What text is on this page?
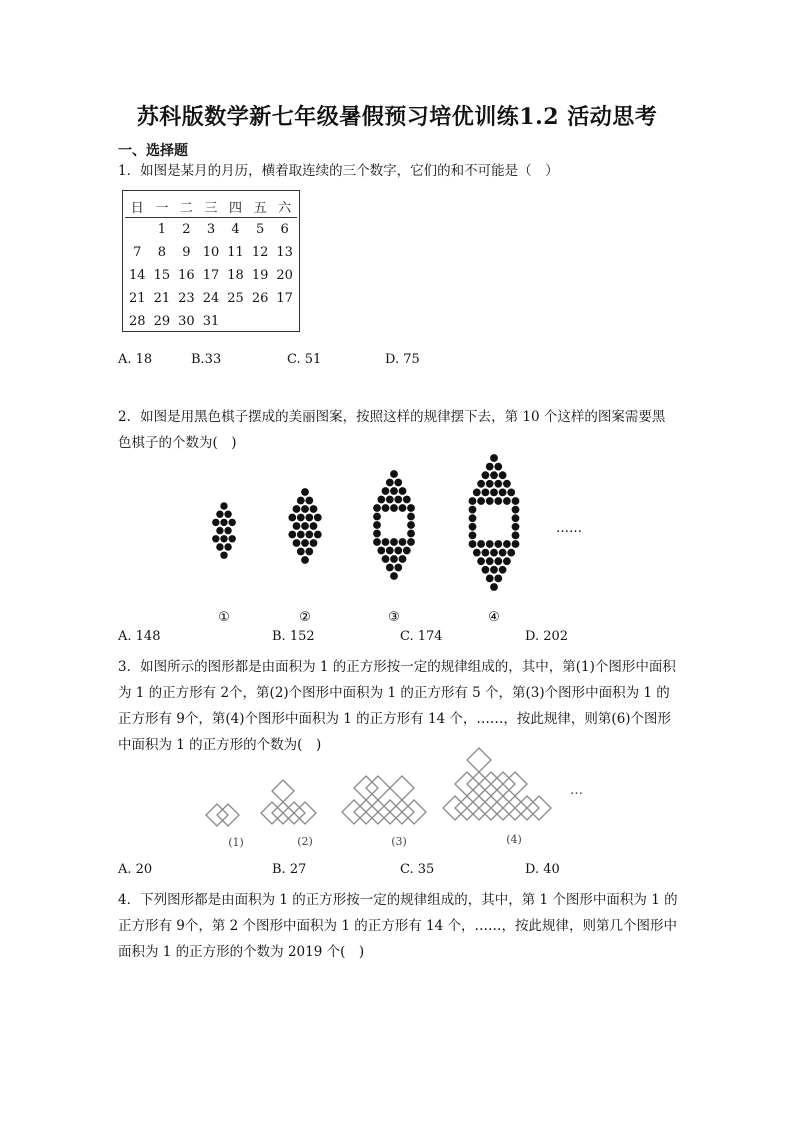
苏科版数学新七年级暑假预习培优训练1.2 活动思考
一、选择题
1．如图是某月的月历，横着取连续的三个数字，它们的和不可能是（　）
日	一	二	三	四	五	六
	1	2	3	4	5	6
7	8	9	10	11	12	13
14	15	16	17	18	19	20
21	21	23	24	25	26	17
28	29	30	31			
A. 18	B.33	C. 51	D. 75
2．如图是用黑色棋子摆成的美丽图案，按照这样的规律摆下去，第 10 个这样的图案需要黑色棋子的个数为(　)
……
①	②	③	④
A. 148	B. 152	C. 174	D. 202
3．如图所示的图形都是由面积为 1 的正方形按一定的规律组成的，其中，第(1)个图形中面积为 1 的正方形有 2个，第(2)个图形中面积为 1 的正方形有 5 个，第(3)个图形中面积为 1 的正方形有 9个，第(4)个图形中面积为 1 的正方形有 14 个，……，按此规律，则第(6)个图形中面积为 1 的正方形的个数为(　)
…
(1)	(2)	(3)	(4)
A. 20	B. 27	C. 35	D. 40
4．下列图形都是由面积为 1 的正方形按一定的规律组成的，其中，第 1 个图形中面积为 1 的正方形有 9个，第 2 个图形中面积为 1 的正方形有 14 个，……，按此规律，则第几个图形中面积为 1 的正方形的个数为 2019 个(　)
